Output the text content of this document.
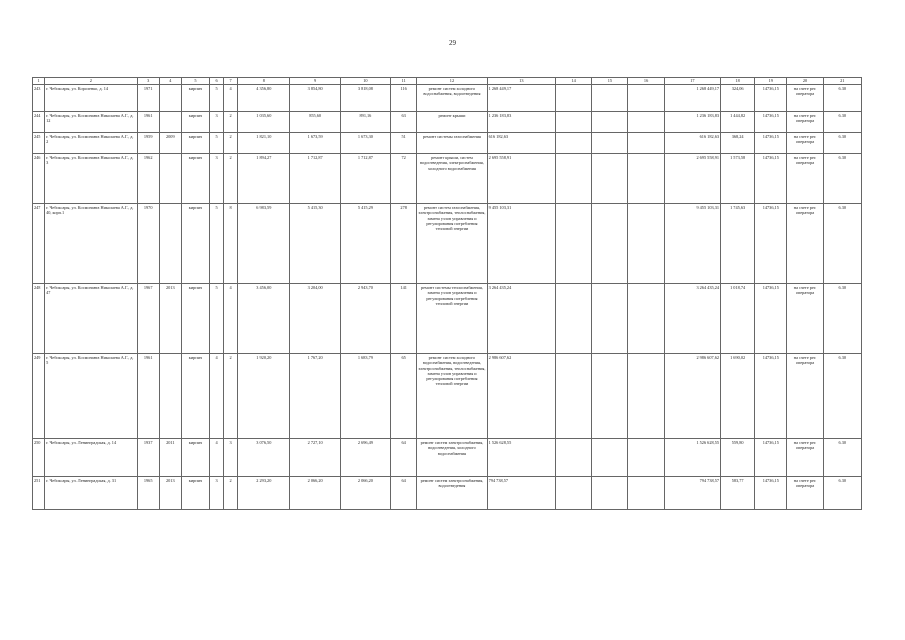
29
1	2	3	4	5	6	7	8	9	10	11	12	13	14	15	16	17	18	19	20	21
243	г. Чебоксары, ул. Короленко, д. 14	1971		кирпич	5	4	4 356,80	3 854,80	3 818,08	116	ремонт систем холодного водоснабжения, водоотведения	1 268 449,17				1 268 449,17	324,06	14736,15	на счете рег. оператора	6.30
244	г. Чебоксары, ул. Космонавта Николаева А.Г., д. 12	1961		кирпич	3	2	1 035,60	855,60	891,16	63	ремонт крыши	1 236 183,83				1 236 183,83	1 444,82	14736,15	на счете рег. оператора	6.30
245	г. Чебоксары, ул. Космонавта Николаева А.Г., д. 2	1959	2009	кирпич	5	2	1 821,10	1 673,59	1 673,30	51	ремонт системы газоснабжения	616 182,63				616 182,63	368,24	14736,15	на счете рег. оператора	6.30
246	г. Чебоксары, ул. Космонавта Николаева А.Г., д. 3	1962		кирпич	3	2	1 894,27	1 712,87	1 712,87	72	ремонт крыши, систем водоотведения, электроснабжения, холодного водоснабжения	2 695 558,91				2 695 558,91	1 573,58	14736,15	на счете рег. оператора	6.30
247	г. Чебоксары, ул. Космонавта Николаева А.Г., д. 40, корп.1	1970		кирпич	5	8	6 983,59	5 415,30	5 415,29	278	ремонт систем газоснабжения, электроснабжения, теплоснабжения, замена узлов управления и регулирования потребления тепловой энергии	9 455 103,31				9 455 103,31	1 745,63	14736,15	на счете рег. оператора	6.30
248	г. Чебоксары, ул. Космонавта Николаева А.Г., д. 47	1967	2013	кирпич	5	4	3 456,00	3 204,00	2 943,70	141	ремонт системы теплоснабжения, замена узлов управления и регулирования потребления тепловой энергии	3 264 435,24				3 264 435,24	1 018,74	14736,15	на счете рег. оператора	6.30
249	г. Чебоксары, ул. Космонавта Николаева А.Г., д. 5	1961		кирпич	4	2	1 920,20	1 767,20	1 683,79	65	ремонт систем холодного водоснабжения, водоотведения, электроснабжения, теплоснабжения, замена узлов управления и регулирования потребления тепловой энергии	2 986 607,62				2 986 607,62	1 690,02	14736,15	на счете рег. оператора	6.30
250	г. Чебоксары, ул. Ленинградская, д. 14	1937	2011	кирпич	4	3	3 076,50	2 727,10	2 696,49	64	ремонт систем электроснабжения, водоотведения, холодного водоснабжения	1 526 628,55				1 526 628,55	559,80	14736,15	на счете рег. оператора	6.30
251	г. Чебоксары, ул. Ленинградская, д. 31	1965	2013	кирпич	3	2	2 293,20	2 066,20	2 066,20	64	ремонт систем электроснабжения, водоотведения	794 738,57				794 738,57	583,77	14736,15	на счете рег. оператора	6.30
